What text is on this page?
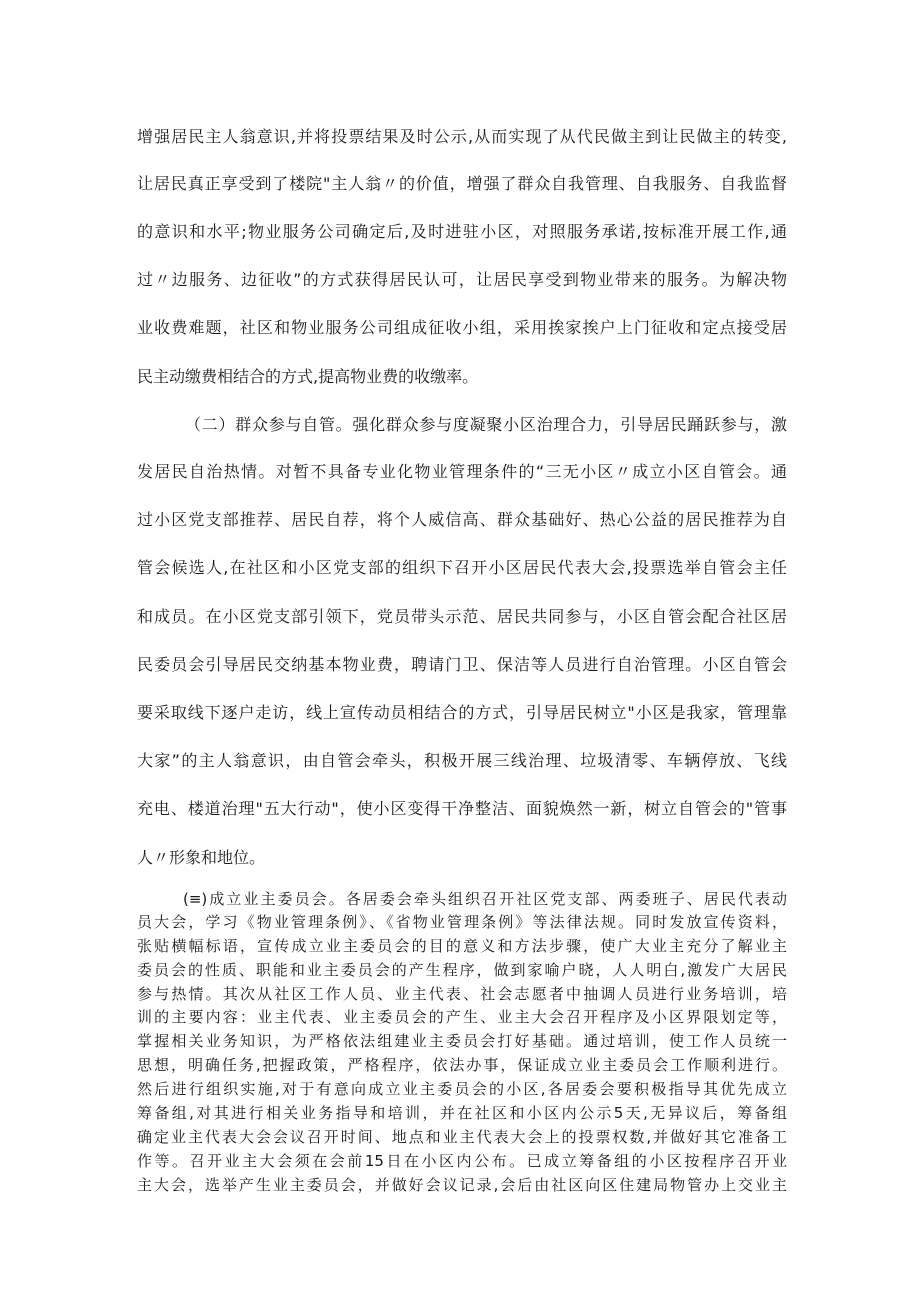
增强居民主人翁意识,并将投票结果及时公示,从而实现了从代民做主到让民做主的转变,
让居民真正享受到了楼院"主人翁〃的价值，增强了群众自我管理、自我服务、自我监督
的意识和水平;物业服务公司确定后,及时进驻小区，对照服务承诺,按标准开展工作,通
过〃边服务、边征收”的方式获得居民认可，让居民享受到物业带来的服务。为解决物
业收费难题，社区和物业服务公司组成征收小组，采用挨家挨户上门征收和定点接受居
民主动缴费相结合的方式,提高物业费的收缴率。
（二）群众参与自管。强化群众参与度凝聚小区治理合力，引导居民踊跃参与，激
发居民自治热情。对暂不具备专业化物业管理条件的“三无小区〃成立小区自管会。通
过小区党支部推荐、居民自荐，将个人威信高、群众基础好、热心公益的居民推荐为自
管会候选人,在社区和小区党支部的组织下召开小区居民代表大会,投票选举自管会主任
和成员。在小区党支部引领下，党员带头示范、居民共同参与，小区自管会配合社区居
民委员会引导居民交纳基本物业费，聘请门卫、保洁等人员进行自治管理。小区自管会
要采取线下逐户走访，线上宣传动员相结合的方式，引导居民树立"小区是我家，管理靠
大家”的主人翁意识，由自管会牵头，积极开展三线治理、垃圾清零、车辆停放、飞线
充电、楼道治理"五大行动"，使小区变得干净整洁、面貌焕然一新，树立自管会的"管事
人〃形象和地位。
(≡)成立业主委员会。各居委会牵头组织召开社区党支部、两委班子、居民代表动
员大会，学习《物业管理条例》、《省物业管理条例》等法律法规。同时发放宣传资料，
张贴横幅标语，宣传成立业主委员会的目的意义和方法步骤，使广大业主充分了解业主
委员会的性质、职能和业主委员会的产生程序，做到家喻户晓，人人明白,激发广大居民
参与热情。其次从社区工作人员、业主代表、社会志愿者中抽调人员进行业务培训，培
训的主要内容：业主代表、业主委员会的产生、业主大会召开程序及小区界限划定等，
掌握相关业务知识，为严格依法组建业主委员会打好基础。通过培训，使工作人员统一
思想，明确任务,把握政策，严格程序，依法办事，保证成立业主委员会工作顺利进行。
然后进行组织实施,对于有意向成立业主委员会的小区,各居委会要积极指导其优先成立
筹备组,对其进行相关业务指导和培训，并在社区和小区内公示5天,无异议后，筹备组
确定业主代表大会会议召开时间、地点和业主代表大会上的投票权数,并做好其它准备工
作等。召开业主大会须在会前15日在小区内公布。已成立筹备组的小区按程序召开业
主大会，选举产生业主委员会，并做好会议记录,会后由社区向区住建局物管办上交业主
